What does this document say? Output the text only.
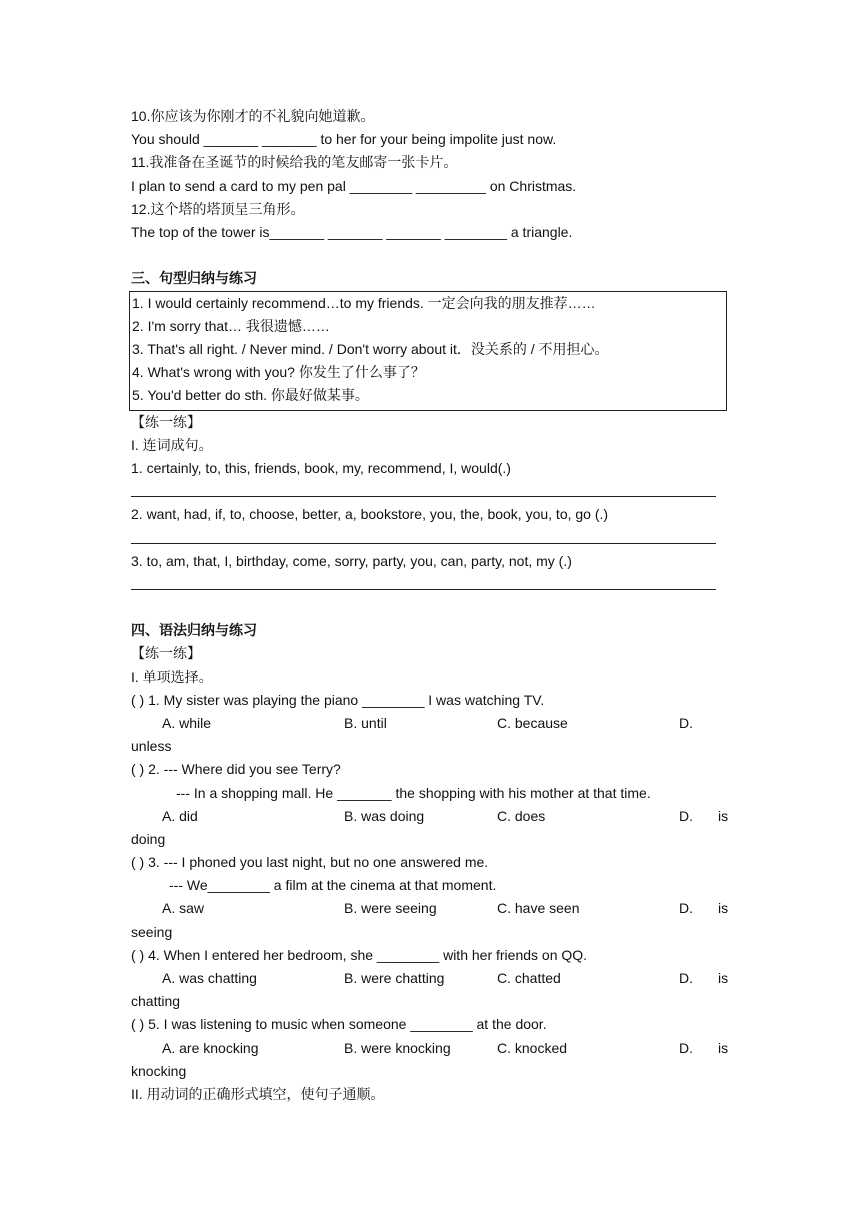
10.你应该为你刚才的不礼貌向她道歉。
You should _______ _______ to her for your being impolite just now.
11.我准备在圣诞节的时候给我的笔友邮寄一张卡片。
I plan to send a card to my pen pal ________ _________ on Christmas.
12.这个塔的塔顶呈三角形。
The top of the tower is_______ _______ _______ ________ a triangle.
三、句型归纳与练习
1. I would certainly recommend…to my friends. 一定会向我的朋友推荐……
2. I'm sorry that… 我很遗憾……
3. That's all right. / Never mind. / Don't worry about it．没关系的 / 不用担心。
4. What's wrong with you? 你发生了什么事了？
5. You'd better do sth. 你最好做某事。
【练一练】
I. 连词成句。
1. certainly, to, this, friends, book, my, recommend, I, would(.)
2. want, had, if, to, choose, better, a, bookstore, you, the, book, you, to, go (.)
3. to, am, that, I, birthday, come, sorry, party, you, can, party, not, my (.)
四、语法归纳与练习
【练一练】
I. 单项选择。
( ) 1. My sister was playing the piano ________ I was watching TV.
A. while	B. until	C. because	D.
unless
( ) 2. --- Where did you see Terry?
--- In a shopping mall. He _______ the shopping with his mother at that time.
A. did	B. was doing	C. does	D. is
doing
( ) 3. --- I phoned you last night, but no one answered me.
--- We________ a film at the cinema at that moment.
A. saw	B. were seeing	C. have seen	D. is
seeing
( ) 4. When I entered her bedroom, she ________ with her friends on QQ.
A. was chatting	B. were chatting	C. chatted	D. is
chatting
( ) 5. I was listening to music when someone ________ at the door.
A. are knocking	B. were knocking	C. knocked	D. is
knocking
II. 用动词的正确形式填空，使句子通顺。
